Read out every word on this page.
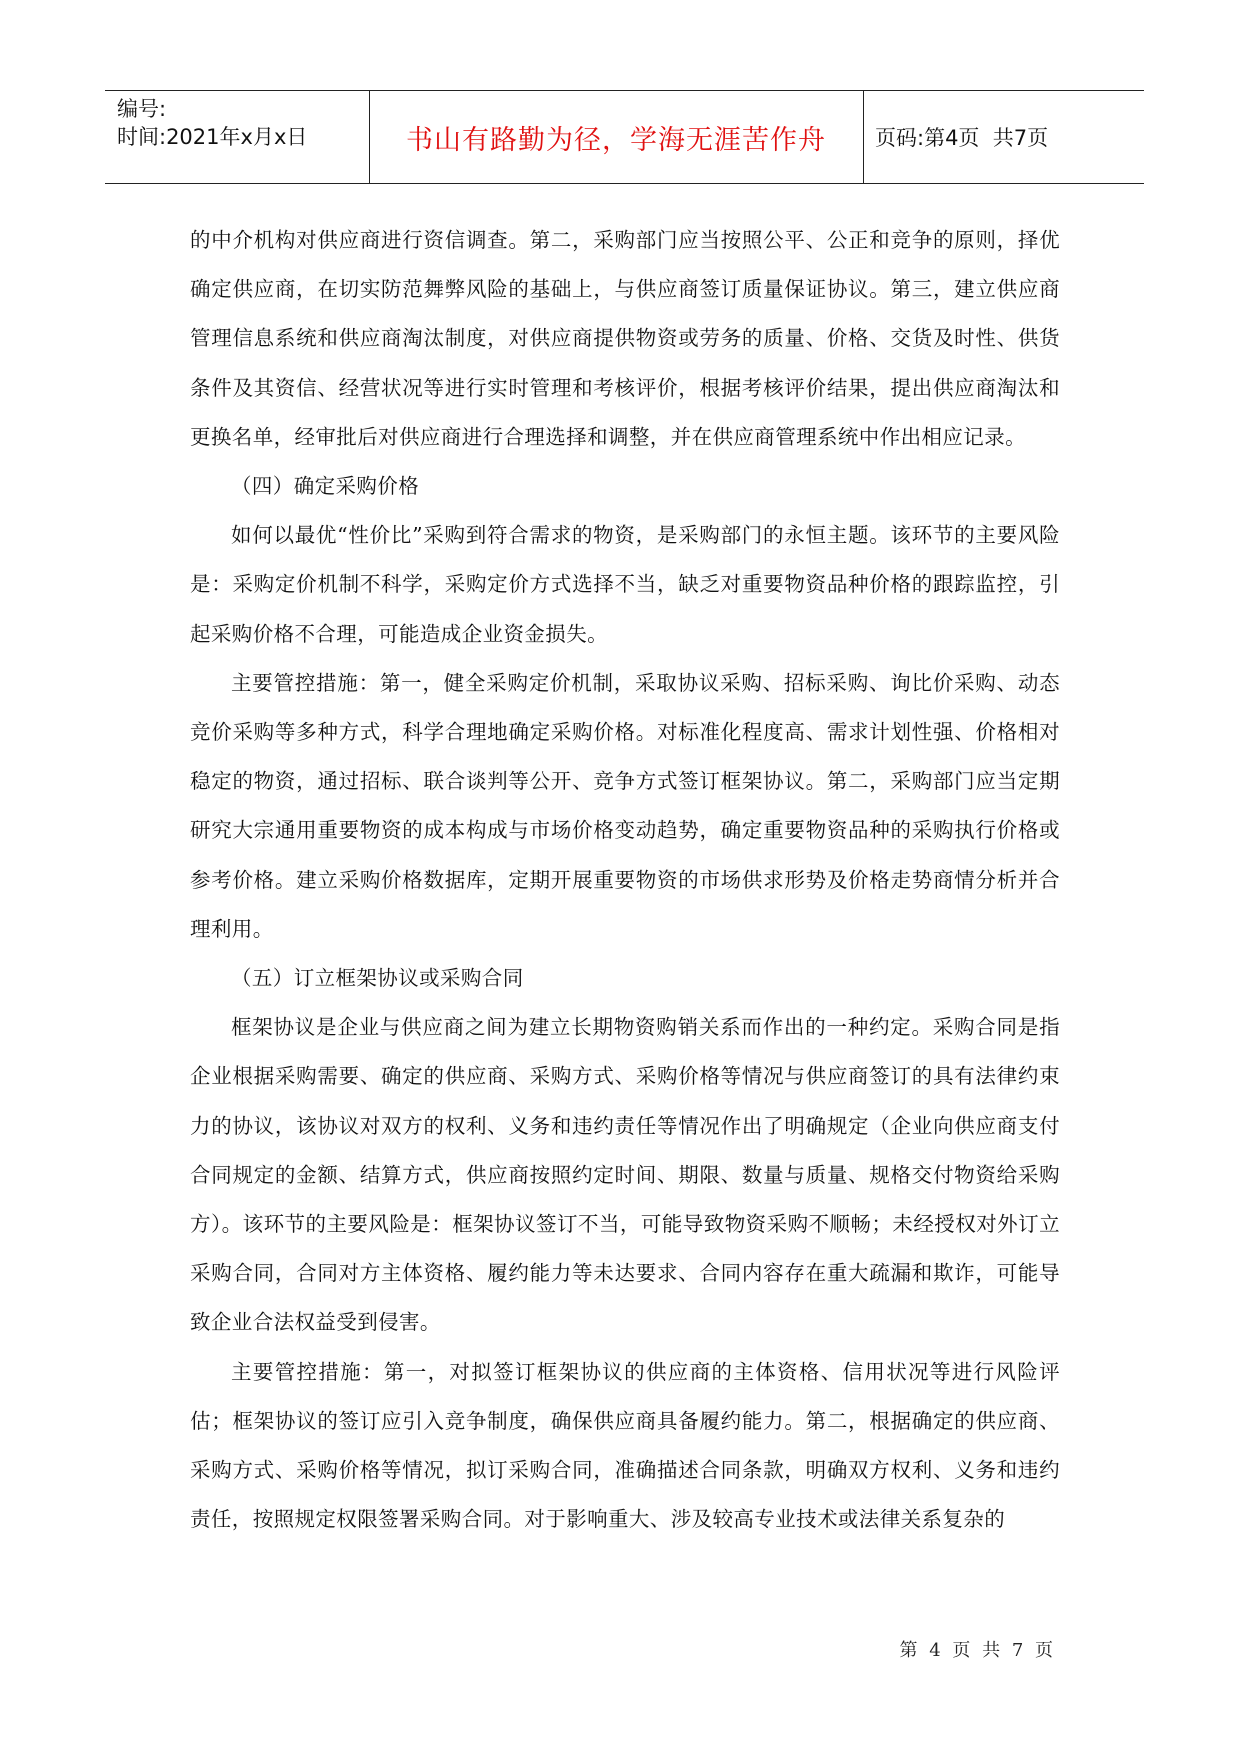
编号:
时间:2021年x月x日	书山有路勤为径，学海无涯苦作舟	页码:第4页  共7页

的中介机构对供应商进行资信调查。第二，采购部门应当按照公平、公正和竞争的原则，择优确定供应商，在切实防范舞弊风险的基础上，与供应商签订质量保证协议。第三，建立供应商管理信息系统和供应商淘汰制度，对供应商提供物资或劳务的质量、价格、交货及时性、供货条件及其资信、经营状况等进行实时管理和考核评价，根据考核评价结果，提出供应商淘汰和更换名单，经审批后对供应商进行合理选择和调整，并在供应商管理系统中作出相应记录。

（四）确定采购价格

如何以最优“性价比”采购到符合需求的物资，是采购部门的永恒主题。该环节的主要风险是：采购定价机制不科学，采购定价方式选择不当，缺乏对重要物资品种价格的跟踪监控，引起采购价格不合理，可能造成企业资金损失。

主要管控措施：第一，健全采购定价机制，采取协议采购、招标采购、询比价采购、动态竞价采购等多种方式，科学合理地确定采购价格。对标准化程度高、需求计划性强、价格相对稳定的物资，通过招标、联合谈判等公开、竞争方式签订框架协议。第二，采购部门应当定期研究大宗通用重要物资的成本构成与市场价格变动趋势，确定重要物资品种的采购执行价格或参考价格。建立采购价格数据库，定期开展重要物资的市场供求形势及价格走势商情分析并合理利用。

（五）订立框架协议或采购合同

框架协议是企业与供应商之间为建立长期物资购销关系而作出的一种约定。采购合同是指企业根据采购需要、确定的供应商、采购方式、采购价格等情况与供应商签订的具有法律约束力的协议，该协议对双方的权利、义务和违约责任等情况作出了明确规定（企业向供应商支付合同规定的金额、结算方式，供应商按照约定时间、期限、数量与质量、规格交付物资给采购方）。该环节的主要风险是：框架协议签订不当，可能导致物资采购不顺畅；未经授权对外订立采购合同，合同对方主体资格、履约能力等未达要求、合同内容存在重大疏漏和欺诈，可能导致企业合法权益受到侵害。

主要管控措施：第一，对拟签订框架协议的供应商的主体资格、信用状况等进行风险评估；框架协议的签订应引入竞争制度，确保供应商具备履约能力。第二，根据确定的供应商、采购方式、采购价格等情况，拟订采购合同，准确描述合同条款，明确双方权利、义务和违约责任，按照规定权限签署采购合同。对于影响重大、涉及较高专业技术或法律关系复杂的

第 4 页 共 7 页
